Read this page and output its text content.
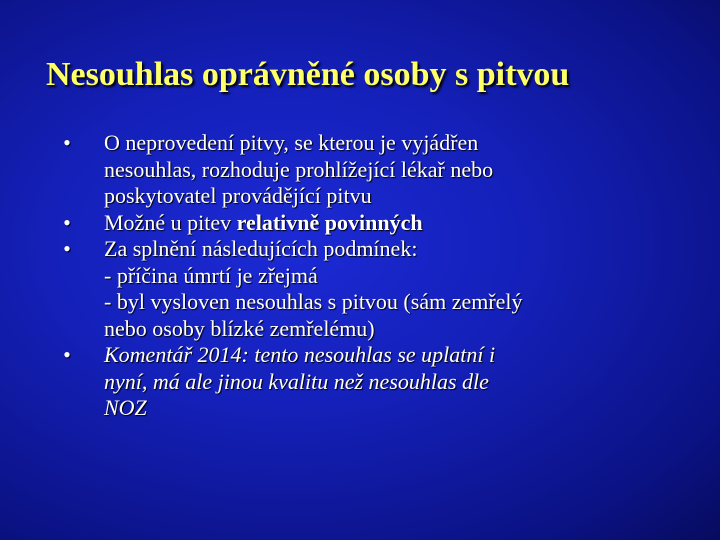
Nesouhlas oprávněné osoby s pitvou
• O neprovedení pitvy, se kterou je vyjádřen
nesouhlas, rozhoduje prohlížející lékař nebo
poskytovatel provádějící pitvu
• Možné u pitev relativně povinných
• Za splnění následujících podmínek:
- příčina úmrtí je zřejmá
- byl vysloven nesouhlas s pitvou (sám zemřelý
nebo osoby blízké zemřelému)
• Komentář 2014: tento nesouhlas se uplatní i
nyní, má ale jinou kvalitu než nesouhlas dle
NOZ
